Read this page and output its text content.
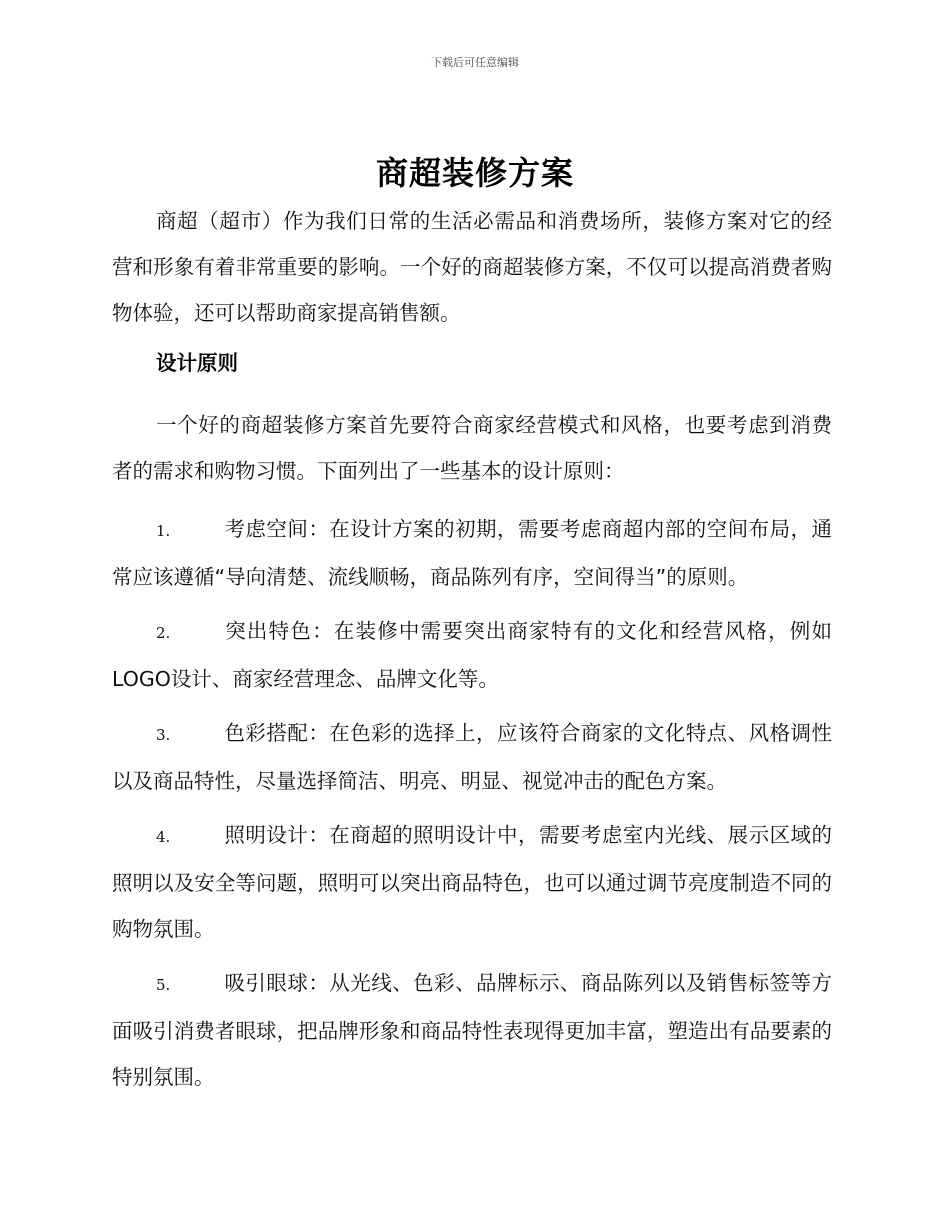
下载后可任意编辑
商超装修方案
商超（超市）作为我们日常的生活必需品和消费场所，装修方案对它的经营和形象有着非常重要的影响。一个好的商超装修方案，不仅可以提高消费者购物体验，还可以帮助商家提高销售额。
设计原则
一个好的商超装修方案首先要符合商家经营模式和风格，也要考虑到消费者的需求和购物习惯。下面列出了一些基本的设计原则：
1.	考虑空间：在设计方案的初期，需要考虑商超内部的空间布局，通常应该遵循“导向清楚、流线顺畅，商品陈列有序，空间得当”的原则。
2.	突出特色：在装修中需要突出商家特有的文化和经营风格，例如LOGO设计、商家经营理念、品牌文化等。
3.	色彩搭配：在色彩的选择上，应该符合商家的文化特点、风格调性以及商品特性，尽量选择简洁、明亮、明显、视觉冲击的配色方案。
4.	照明设计：在商超的照明设计中，需要考虑室内光线、展示区域的照明以及安全等问题，照明可以突出商品特色，也可以通过调节亮度制造不同的购物氛围。
5.	吸引眼球：从光线、色彩、品牌标示、商品陈列以及销售标签等方面吸引消费者眼球，把品牌形象和商品特性表现得更加丰富，塑造出有品要素的特别氛围。
